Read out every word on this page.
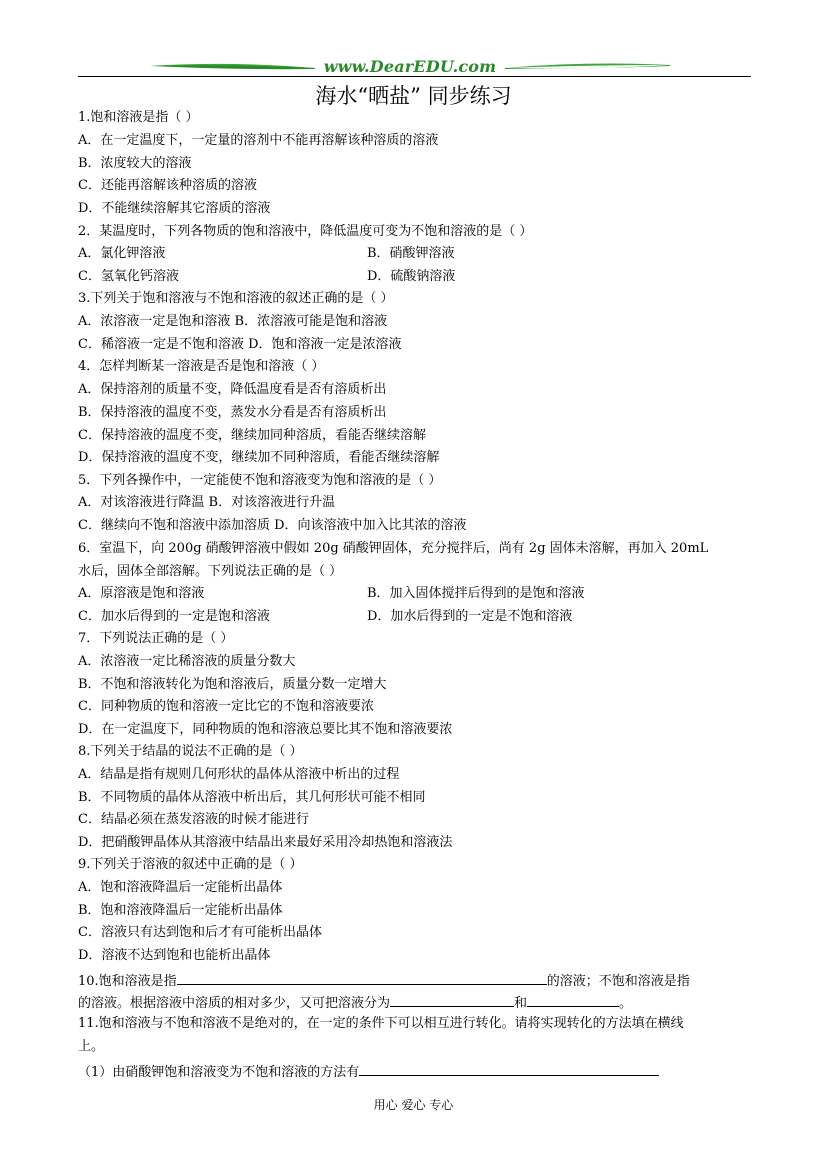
www.DearEDU.com
海水“晒盐” 同步练习
1.饱和溶液是指（ ）
A．在一定温度下，一定量的溶剂中不能再溶解该种溶质的溶液
B．浓度较大的溶液
C．还能再溶解该种溶质的溶液
D．不能继续溶解其它溶质的溶液
2．某温度时，下列各物质的饱和溶液中，降低温度可变为不饱和溶液的是（ ）
A．氯化钾溶液	B．硝酸钾溶液
C．氢氧化钙溶液	D．硫酸钠溶液
3.下列关于饱和溶液与不饱和溶液的叙述正确的是（ ）
A．浓溶液一定是饱和溶液 B．浓溶液可能是饱和溶液
C．稀溶液一定是不饱和溶液 D．饱和溶液一定是浓溶液
4．怎样判断某一溶液是否是饱和溶液（ ）
A．保持溶剂的质量不变，降低温度看是否有溶质析出
B．保持溶液的温度不变，蒸发水分看是否有溶质析出
C．保持溶液的温度不变，继续加同种溶质，看能否继续溶解
D．保持溶液的温度不变，继续加不同种溶质，看能否继续溶解
5．下列各操作中，一定能使不饱和溶液变为饱和溶液的是（ ）
A．对该溶液进行降温 B．对该溶液进行升温
C．继续向不饱和溶液中添加溶质 D．向该溶液中加入比其浓的溶液
6．室温下，向 200g 硝酸钾溶液中假如 20g 硝酸钾固体，充分搅拌后，尚有 2g 固体未溶解，再加入 20mL
水后，固体全部溶解。下列说法正确的是（ ）
A．原溶液是饱和溶液	B．加入固体搅拌后得到的是饱和溶液
C．加水后得到的一定是饱和溶液	D．加水后得到的一定是不饱和溶液
7．下列说法正确的是（ ）
A．浓溶液一定比稀溶液的质量分数大
B．不饱和溶液转化为饱和溶液后，质量分数一定增大
C．同种物质的饱和溶液一定比它的不饱和溶液要浓
D．在一定温度下，同种物质的饱和溶液总要比其不饱和溶液要浓
8.下列关于结晶的说法不正确的是（ ）
A．结晶是指有规则几何形状的晶体从溶液中析出的过程
B．不同物质的晶体从溶液中析出后，其几何形状可能不相同
C．结晶必须在蒸发溶液的时候才能进行
D．把硝酸钾晶体从其溶液中结晶出来最好采用冷却热饱和溶液法
9.下列关于溶液的叙述中正确的是（ ）
A．饱和溶液降温后一定能析出晶体
B．饱和溶液降温后一定能析出晶体
C．溶液只有达到饱和后才有可能析出晶体
D．溶液不达到饱和也能析出晶体
10.饱和溶液是指	的溶液；不饱和溶液是指
的溶液。根据溶液中溶质的相对多少，又可把溶液分为	和	。
11.饱和溶液与不饱和溶液不是绝对的，在一定的条件下可以相互进行转化。请将实现转化的方法填在横线
上。
（1）由硝酸钾饱和溶液变为不饱和溶液的方法有
用心 爱心 专心
